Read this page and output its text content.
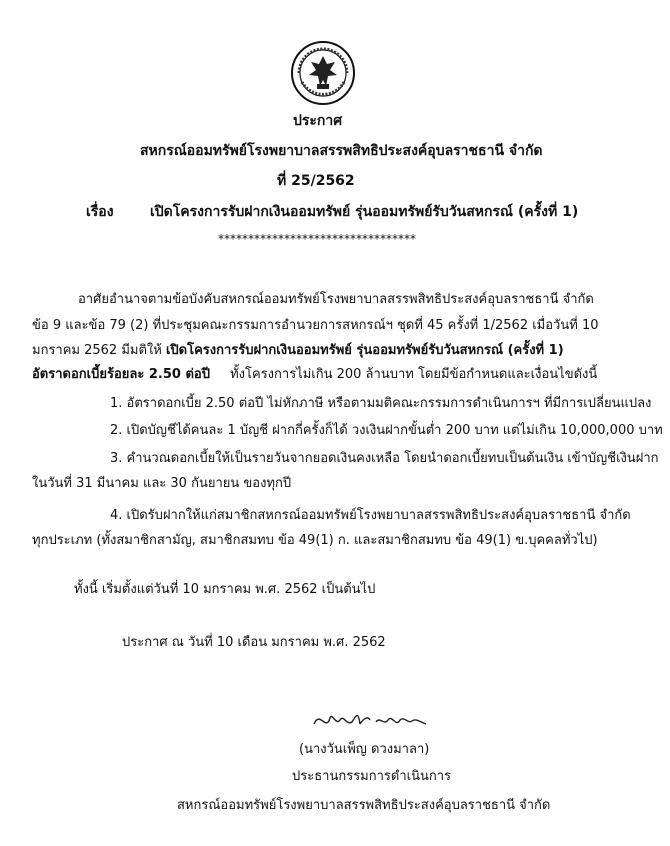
ประกาศ
สหกรณ์ออมทรัพย์โรงพยาบาลสรรพสิทธิประสงค์อุบลราชธานี จำกัด
ที่ 25/2562
เรื่อง	เปิดโครงการรับฝากเงินออมทรัพย์ รุ่นออมทรัพย์รับวันสหกรณ์ (ครั้งที่ 1)
*********************************
อาศัยอำนาจตามข้อบังคับสหกรณ์ออมทรัพย์โรงพยาบาลสรรพสิทธิประสงค์อุบลราชธานี จำกัด
ข้อ 9 และข้อ 79 (2) ที่ประชุมคณะกรรมการอำนวยการสหกรณ์ฯ ชุดที่ 45 ครั้งที่ 1/2562 เมื่อวันที่ 10
มกราคม 2562 มีมติให้ เปิดโครงการรับฝากเงินออมทรัพย์ รุ่นออมทรัพย์รับวันสหกรณ์ (ครั้งที่ 1)
อัตราดอกเบี้ยร้อยละ 2.50 ต่อปี ทั้งโครงการไม่เกิน 200 ล้านบาท โดยมีข้อกำหนดและเงื่อนไขดังนี้
1. อัตราดอกเบี้ย 2.50 ต่อปี ไม่หักภาษี หรือตามมติคณะกรรมการดำเนินการฯ ที่มีการเปลี่ยนแปลง
2. เปิดบัญชีได้คนละ 1 บัญชี ฝากกี่ครั้งก็ได้ วงเงินฝากขั้นต่ำ 200 บาท แต่ไม่เกิน 10,000,000 บาท
3. คำนวณดอกเบี้ยให้เป็นรายวันจากยอดเงินคงเหลือ โดยนำดอกเบี้ยทบเป็นต้นเงิน เข้าบัญชีเงินฝาก
ในวันที่ 31 มีนาคม และ 30 กันยายน ของทุกปี
4. เปิดรับฝากให้แก่สมาชิกสหกรณ์ออมทรัพย์โรงพยาบาลสรรพสิทธิประสงค์อุบลราชธานี จำกัด
ทุกประเภท (ทั้งสมาชิกสามัญ, สมาชิกสมทบ ข้อ 49(1) ก. และสมาชิกสมทบ ข้อ 49(1) ข.บุคคลทั่วไป)
ทั้งนี้ เริ่มตั้งแต่วันที่ 10 มกราคม พ.ศ. 2562 เป็นต้นไป
ประกาศ ณ วันที่ 10 เดือน มกราคม พ.ศ. 2562
(นางวันเพ็ญ ดวงมาลา)
ประธานกรรมการดำเนินการ
สหกรณ์ออมทรัพย์โรงพยาบาลสรรพสิทธิประสงค์อุบลราชธานี จำกัด
